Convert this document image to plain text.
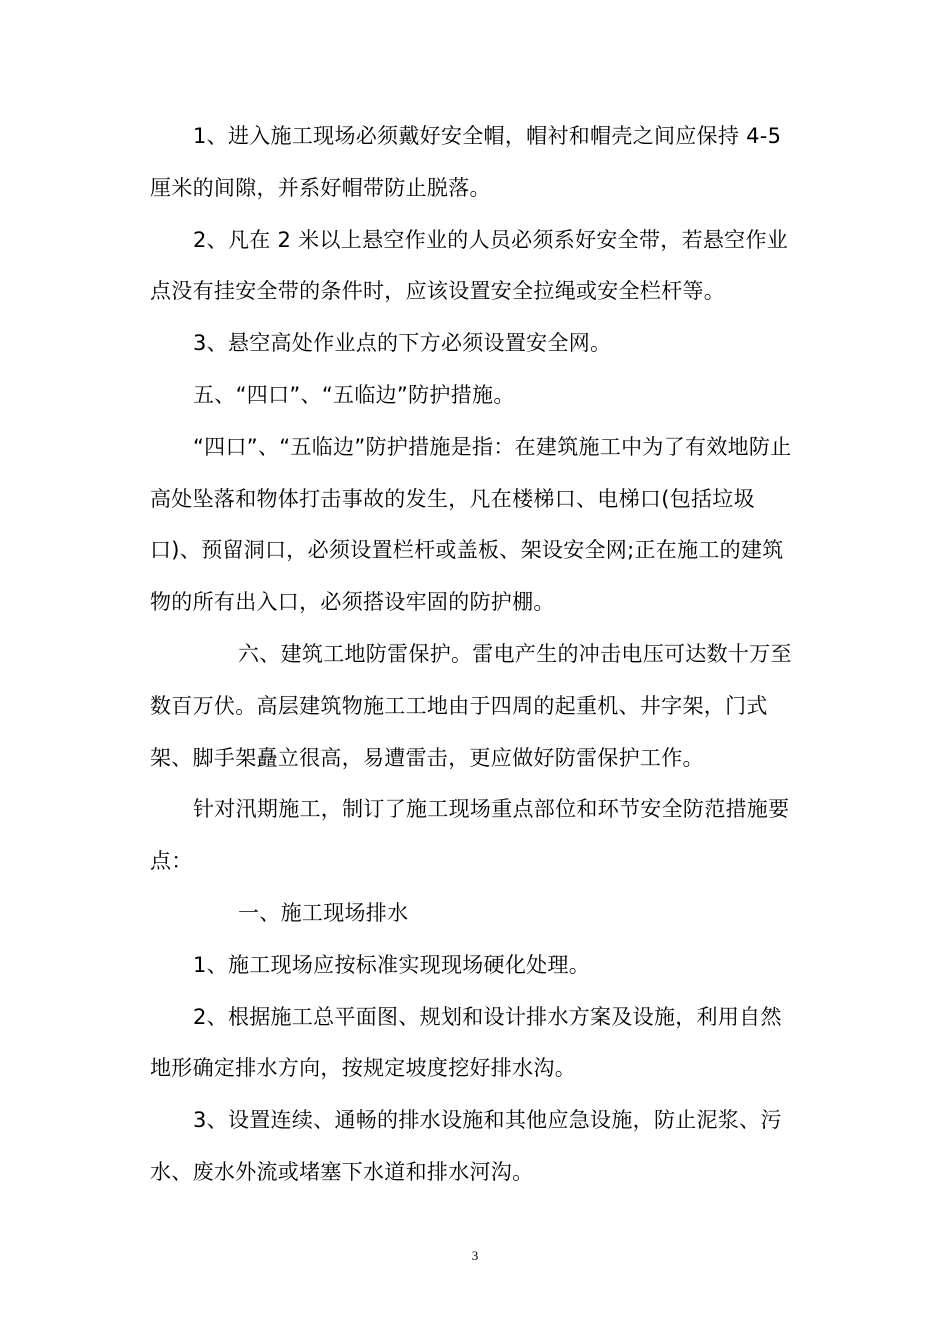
1、进入施工现场必须戴好安全帽，帽衬和帽壳之间应保持 4-5 厘米的间隙，并系好帽带防止脱落。

2、凡在 2 米以上悬空作业的人员必须系好安全带，若悬空作业点没有挂安全带的条件时，应该设置安全拉绳或安全栏杆等。

3、悬空高处作业点的下方必须设置安全网。

五、“四口”、“五临边”防护措施。

“四口”、“五临边”防护措施是指：在建筑施工中为了有效地防止高处坠落和物体打击事故的发生，凡在楼梯口、电梯口(包括垃圾口)、预留洞口，必须设置栏杆或盖板、架设安全网;正在施工的建筑物的所有出入口，必须搭设牢固的防护棚。

六、建筑工地防雷保护。雷电产生的冲击电压可达数十万至数百万伏。高层建筑物施工工地由于四周的起重机、井字架，门式架、脚手架矗立很高，易遭雷击，更应做好防雷保护工作。

针对汛期施工，制订了施工现场重点部位和环节安全防范措施要点：

一、施工现场排水

1、施工现场应按标准实现现场硬化处理。

2、根据施工总平面图、规划和设计排水方案及设施，利用自然地形确定排水方向，按规定坡度挖好排水沟。

3、设置连续、通畅的排水设施和其他应急设施，防止泥浆、污水、废水外流或堵塞下水道和排水河沟。

3
